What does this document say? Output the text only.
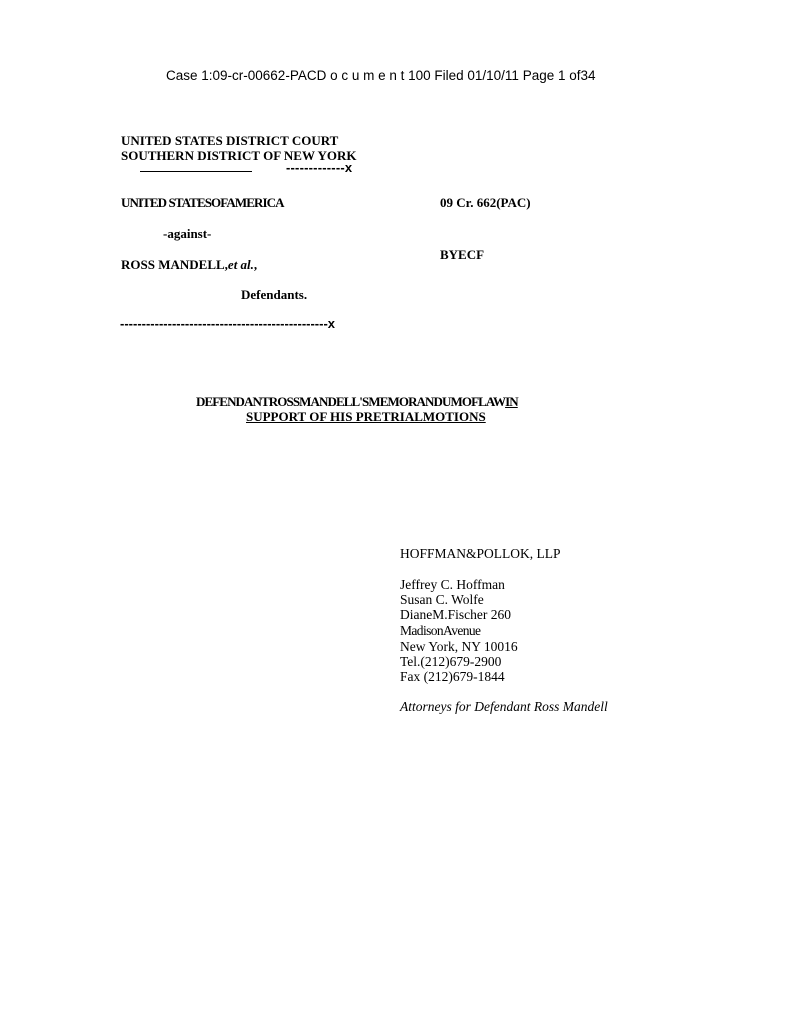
Case 1:09-cr-00662-PACD o c u m e n t 100 Filed 01/10/11 Page 1 of34
UNITED STATES DISTRICT COURT
SOUTHERN DISTRICT OF NEW YORK
-------------x
UNITED STATESOFAMERICA	09 Cr. 662(PAC)
-against-
BYECF
ROSS MANDELL,et al.,
Defendants.
------------------------------------------------x
DEFENDANTROSSMANDELL'SMEMORANDUMOFLAWIN
SUPPORT OF HIS PRETRIALMOTIONS
HOFFMAN&POLLOK, LLP
Jeffrey C. Hoffman
Susan C. Wolfe
DianeM.Fischer 260
MadisonAvenue
New York, NY 10016
Tel.(212)679-2900
Fax (212)679-1844
Attorneys for Defendant Ross Mandell
